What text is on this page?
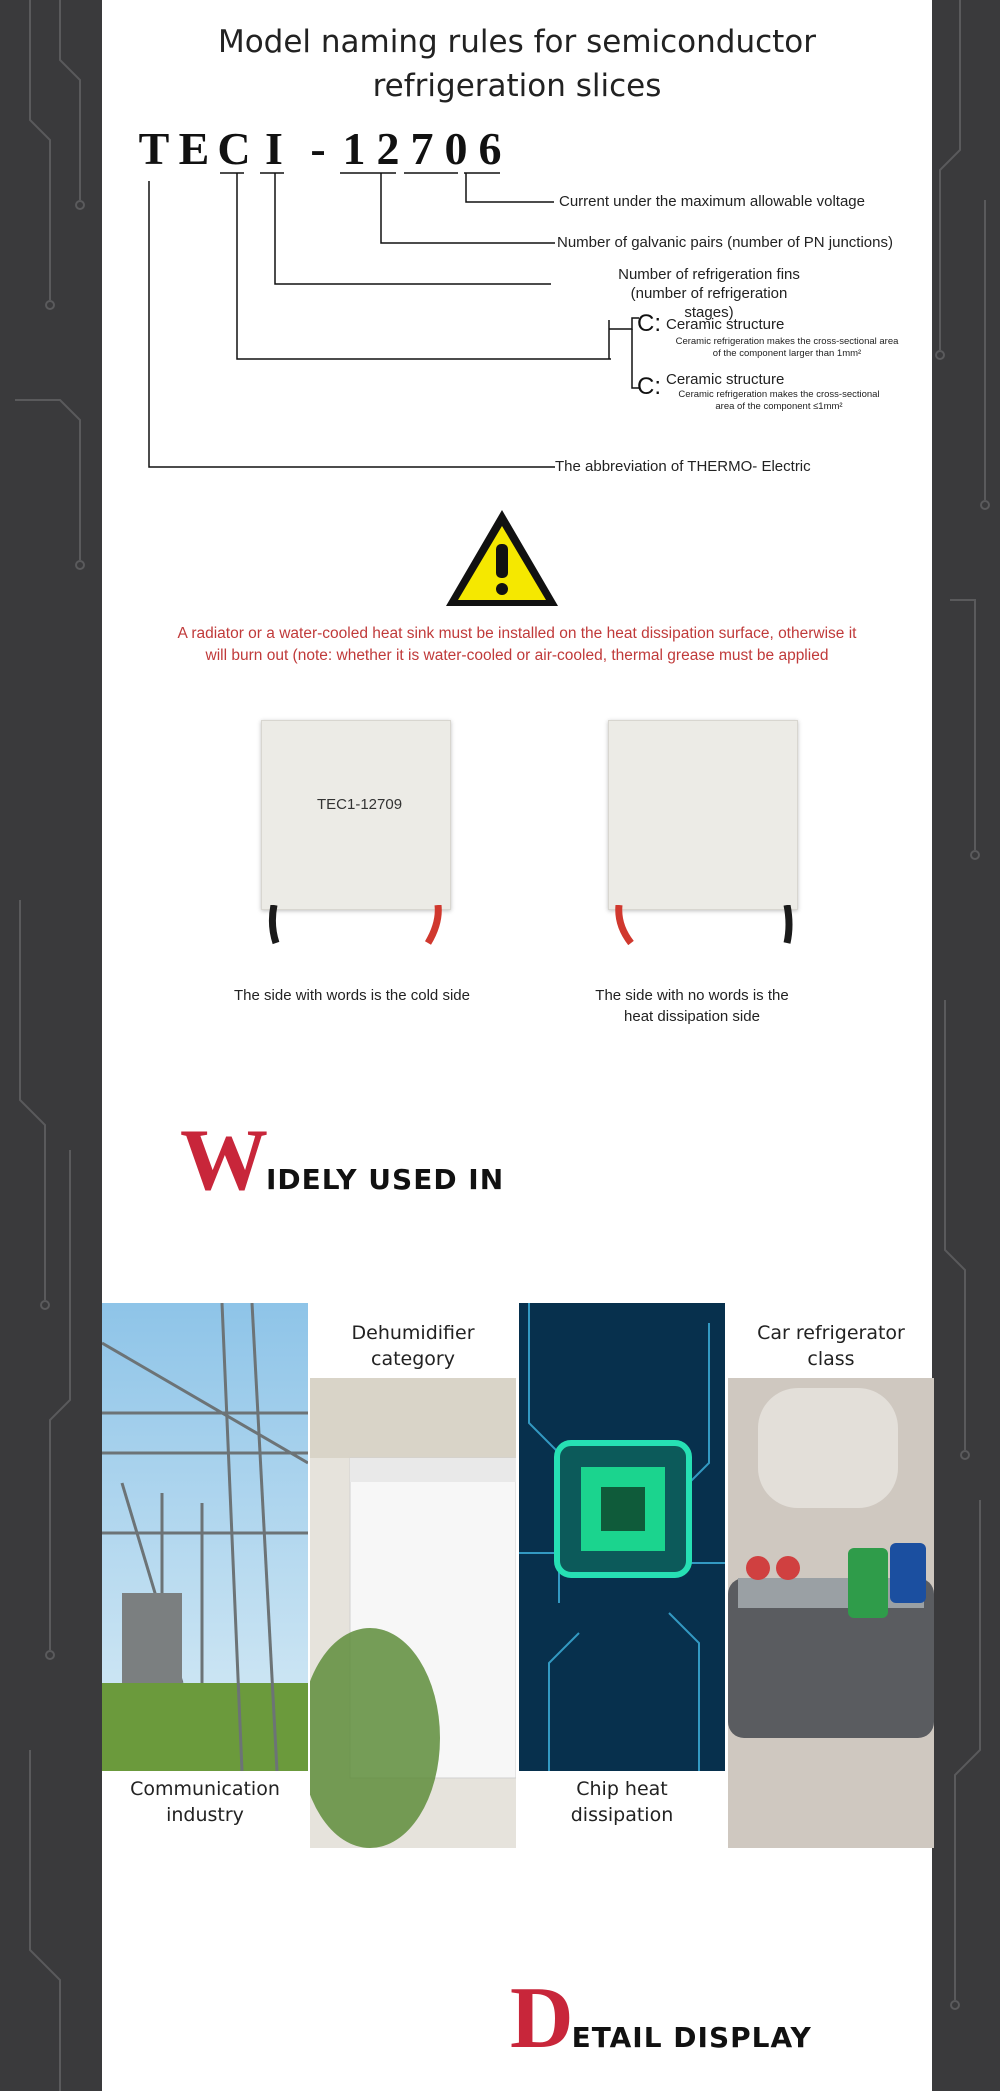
Model naming rules for semiconductor
refrigeration slices
T E C I - 1 2 7 0 6
Current under the maximum allowable voltage
Number of galvanic pairs (number of PN junctions)
Number of refrigeration fins
(number of refrigeration stages)
C: Ceramic structure
Ceramic refrigeration makes the cross-sectional area
of the component larger than 1mm²
C: Ceramic structure
Ceramic refrigeration makes the cross-sectional
area of the component ≤1mm²
The abbreviation of THERMO- Electric
A radiator or a water-cooled heat sink must be installed on the heat dissipation surface, otherwise it
will burn out (note: whether it is water-cooled or air-cooled, thermal grease must be applied
TEC1-12709
The side with words is the cold side	The side with no words is the
heat dissipation side
WIDELY USED IN
Communication
industry
Dehumidifier
category
Chip heat
dissipation
Car refrigerator
class
DETAIL DISPLAY
